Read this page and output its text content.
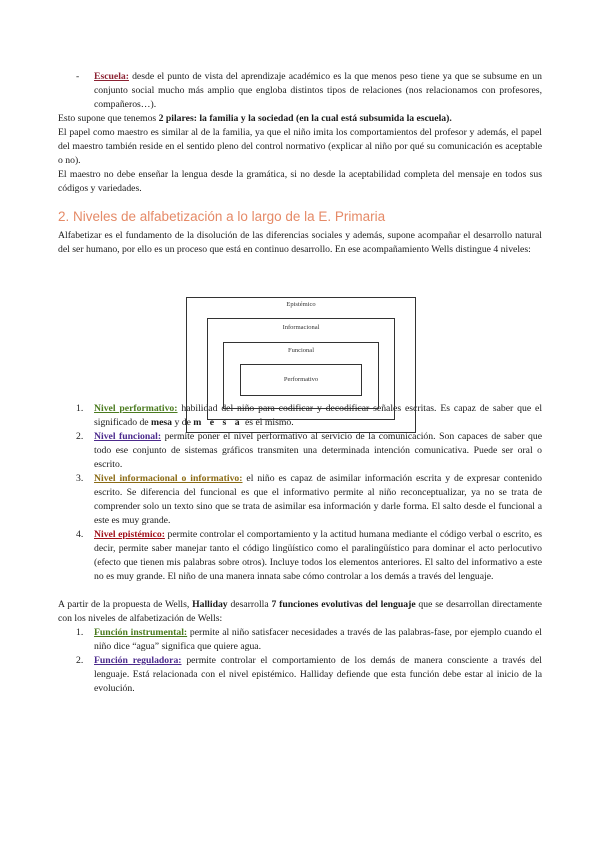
- Escuela: desde el punto de vista del aprendizaje académico es la que menos peso tiene ya que se subsume en un conjunto social mucho más amplio que engloba distintos tipos de relaciones (nos relacionamos con profesores, compañeros…).

Esto supone que tenemos 2 pilares: la familia y la sociedad (en la cual está subsumida la escuela).

El papel como maestro es similar al de la familia, ya que el niño imita los comportamientos del profesor y además, el papel del maestro también reside en el sentido pleno del control normativo (explicar al niño por qué su comunicación es aceptable o no).

El maestro no debe enseñar la lengua desde la gramática, si no desde la aceptabilidad completa del mensaje en todos sus códigos y variedades.

2. Niveles de alfabetización a lo largo de la E. Primaria

Alfabetizar es el fundamento de la disolución de las diferencias sociales y además, supone acompañar el desarrollo natural del ser humano, por ello es un proceso que está en continuo desarrollo. En ese acompañamiento Wells distingue 4 niveles:

1. Nivel performativo: habilidad del niño para codificar y decodificar señales escritas. Es capaz de saber que el significado de mesa y de m e s a es el mismo.
2. Nivel funcional: permite poner el nivel performativo al servicio de la comunicación. Son capaces de saber que todo ese conjunto de sistemas gráficos transmiten una determinada intención comunicativa. Puede ser oral o escrito.
3. Nivel informacional o informativo: el niño es capaz de asimilar información escrita y de expresar contenido escrito. Se diferencia del funcional es que el informativo permite al niño reconceptualizar, ya no se trata de comprender solo un texto sino que se trata de asimilar esa información y darle forma. El salto desde el funcional a este es muy grande.
4. Nivel epistémico: permite controlar el comportamiento y la actitud humana mediante el código verbal o escrito, es decir, permite saber manejar tanto el código lingüístico como el paralingüístico para dominar el acto perlocutivo (efecto que tienen mis palabras sobre otros). Incluye todos los elementos anteriores. El salto del informativo a este no es muy grande. El niño de una manera innata sabe cómo controlar a los demás a través del lenguaje.

A partir de la propuesta de Wells, Halliday desarrolla 7 funciones evolutivas del lenguaje que se desarrollan directamente con los niveles de alfabetización de Wells:

1. Función instrumental: permite al niño satisfacer necesidades a través de las palabras-fase, por ejemplo cuando el niño dice “agua” significa que quiere agua.
2. Función reguladora: permite controlar el comportamiento de los demás de manera consciente a través del lenguaje. Está relacionada con el nivel epistémico. Halliday defiende que esta función debe estar al inicio de la evolución.
Epistémico
Informacional
Funcional
Performativo
